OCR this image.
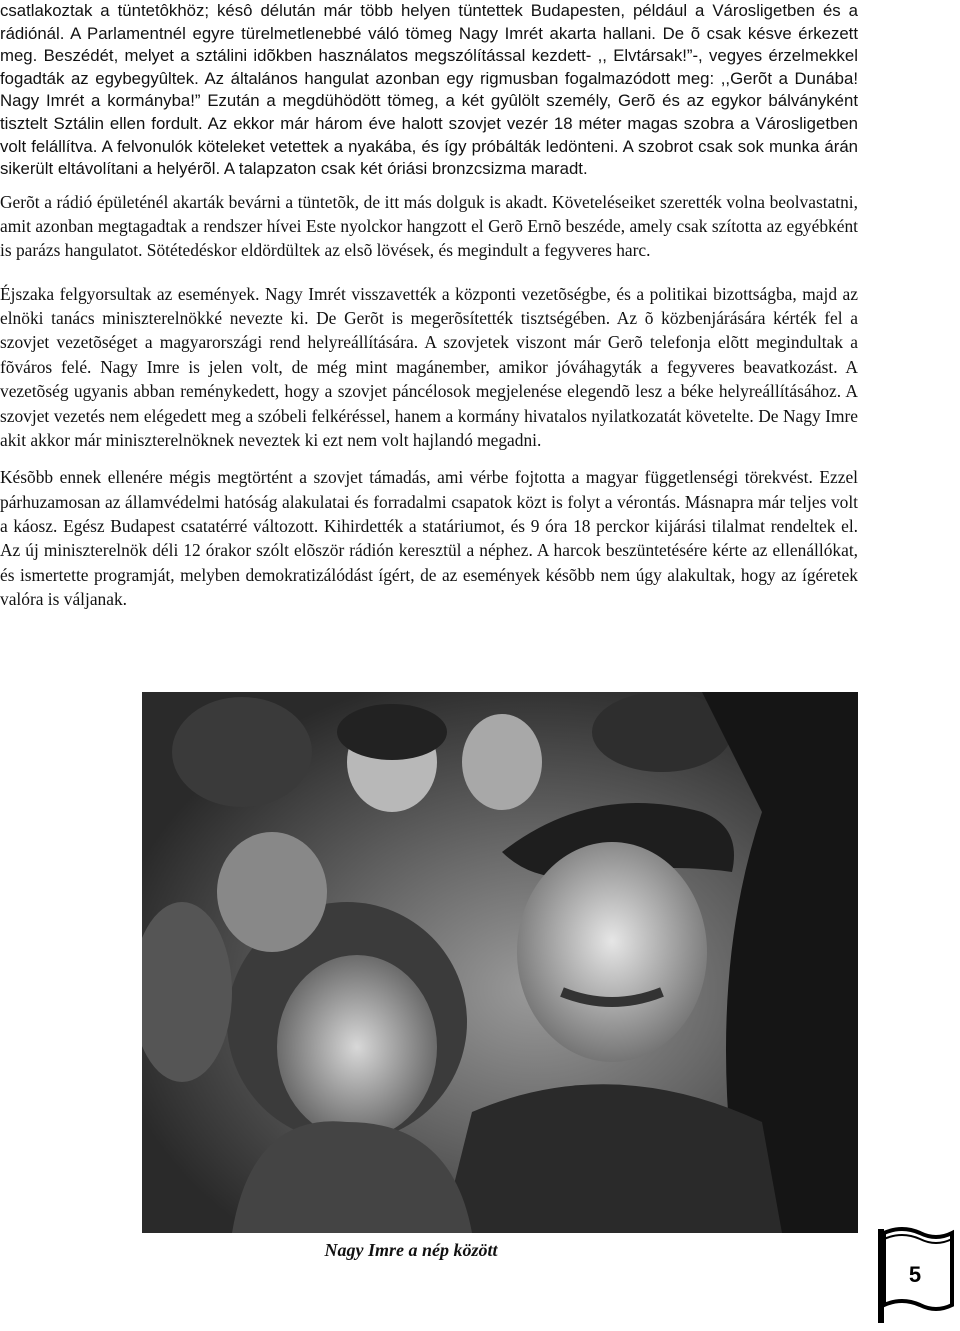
csatlakoztak a tüntetôkhöz; késô délután már több helyen tüntettek Budapesten, például a Városligetben és a rádiónál. A Parlamentnél egyre türelmetlenebbé váló tömeg Nagy Imrét akarta hallani. De õ csak késve érkezett meg. Beszédét, melyet a sztálini idõkben használatos megszólítással kezdett- ,, Elvtársak!”-, vegyes érzelmekkel fogadták az egybegyûltek. Az általános hangulat azonban egy rigmusban fogalmazódott meg: ,,Gerõt a Dunába! Nagy Imrét a kormányba!” Ezután a megdühödött tömeg, a két gyûlölt személy, Gerõ és az egykor bálványként tisztelt Sztálin ellen fordult. Az ekkor már három éve halott szovjet vezér 18 méter magas szobra a Városligetben volt felállítva. A felvonulók köteleket vetettek a nyakába, és így próbálták ledönteni. A szobrot csak sok munka árán sikerült eltávolítani a helyérõl. A talapzaton csak két óriási bronzcsizma maradt.

Gerõt a rádió épületénél akarták bevárni a tüntetõk, de itt más dolguk is akadt. Követeléseiket szerették volna beolvastatni, amit azonban megtagadtak a rendszer hívei Este nyolckor hangzott el Gerõ Ernõ beszéde, amely csak szította az egyébként is parázs hangulatot. Sötétedéskor eldördültek az elsõ lövések, és megindult a fegyveres harc.

Éjszaka felgyorsultak az események. Nagy Imrét visszavették a központi vezetõségbe, és a politikai bizottságba, majd az elnöki tanács miniszterelnökké nevezte ki. De Gerõt is megerõsítették tisztségében. Az õ közbenjárására kérték fel a szovjet vezetõséget a magyarországi rend helyreállítására. A szovjetek viszont már Gerõ telefonja elõtt megindultak a fõváros felé. Nagy Imre is jelen volt, de még mint magánember, amikor jóváhagyták a fegyveres beavatkozást. A vezetõség ugyanis abban reménykedett, hogy a szovjet páncélosok megjelenése elegendõ lesz a béke helyreállításához. A szovjet vezetés nem elégedett meg a szóbeli felkéréssel, hanem a kormány hivatalos nyilatkozatát követelte. De Nagy Imre akit akkor már miniszterelnöknek neveztek ki ezt nem volt hajlandó megadni.

Késõbb ennek ellenére mégis megtörtént a szovjet támadás, ami vérbe fojtotta a magyar függetlenségi törekvést. Ezzel párhuzamosan az államvédelmi hatóság alakulatai és forradalmi csapatok közt is folyt a vérontás. Másnapra már teljes volt a káosz. Egész Budapest csatatérré változott. Kihirdették a statáriumot, és 9 óra 18 perckor kijárási tilalmat rendeltek el. Az új miniszterelnök déli 12 órakor szólt elõször rádión keresztül a néphez. A harcok beszüntetésére kérte az ellenállókat, és ismertette programját, melyben demokratizálódást ígért, de az események késõbb nem úgy alakultak, hogy az ígéretek valóra is váljanak.

Nagy Imre a nép között
5
